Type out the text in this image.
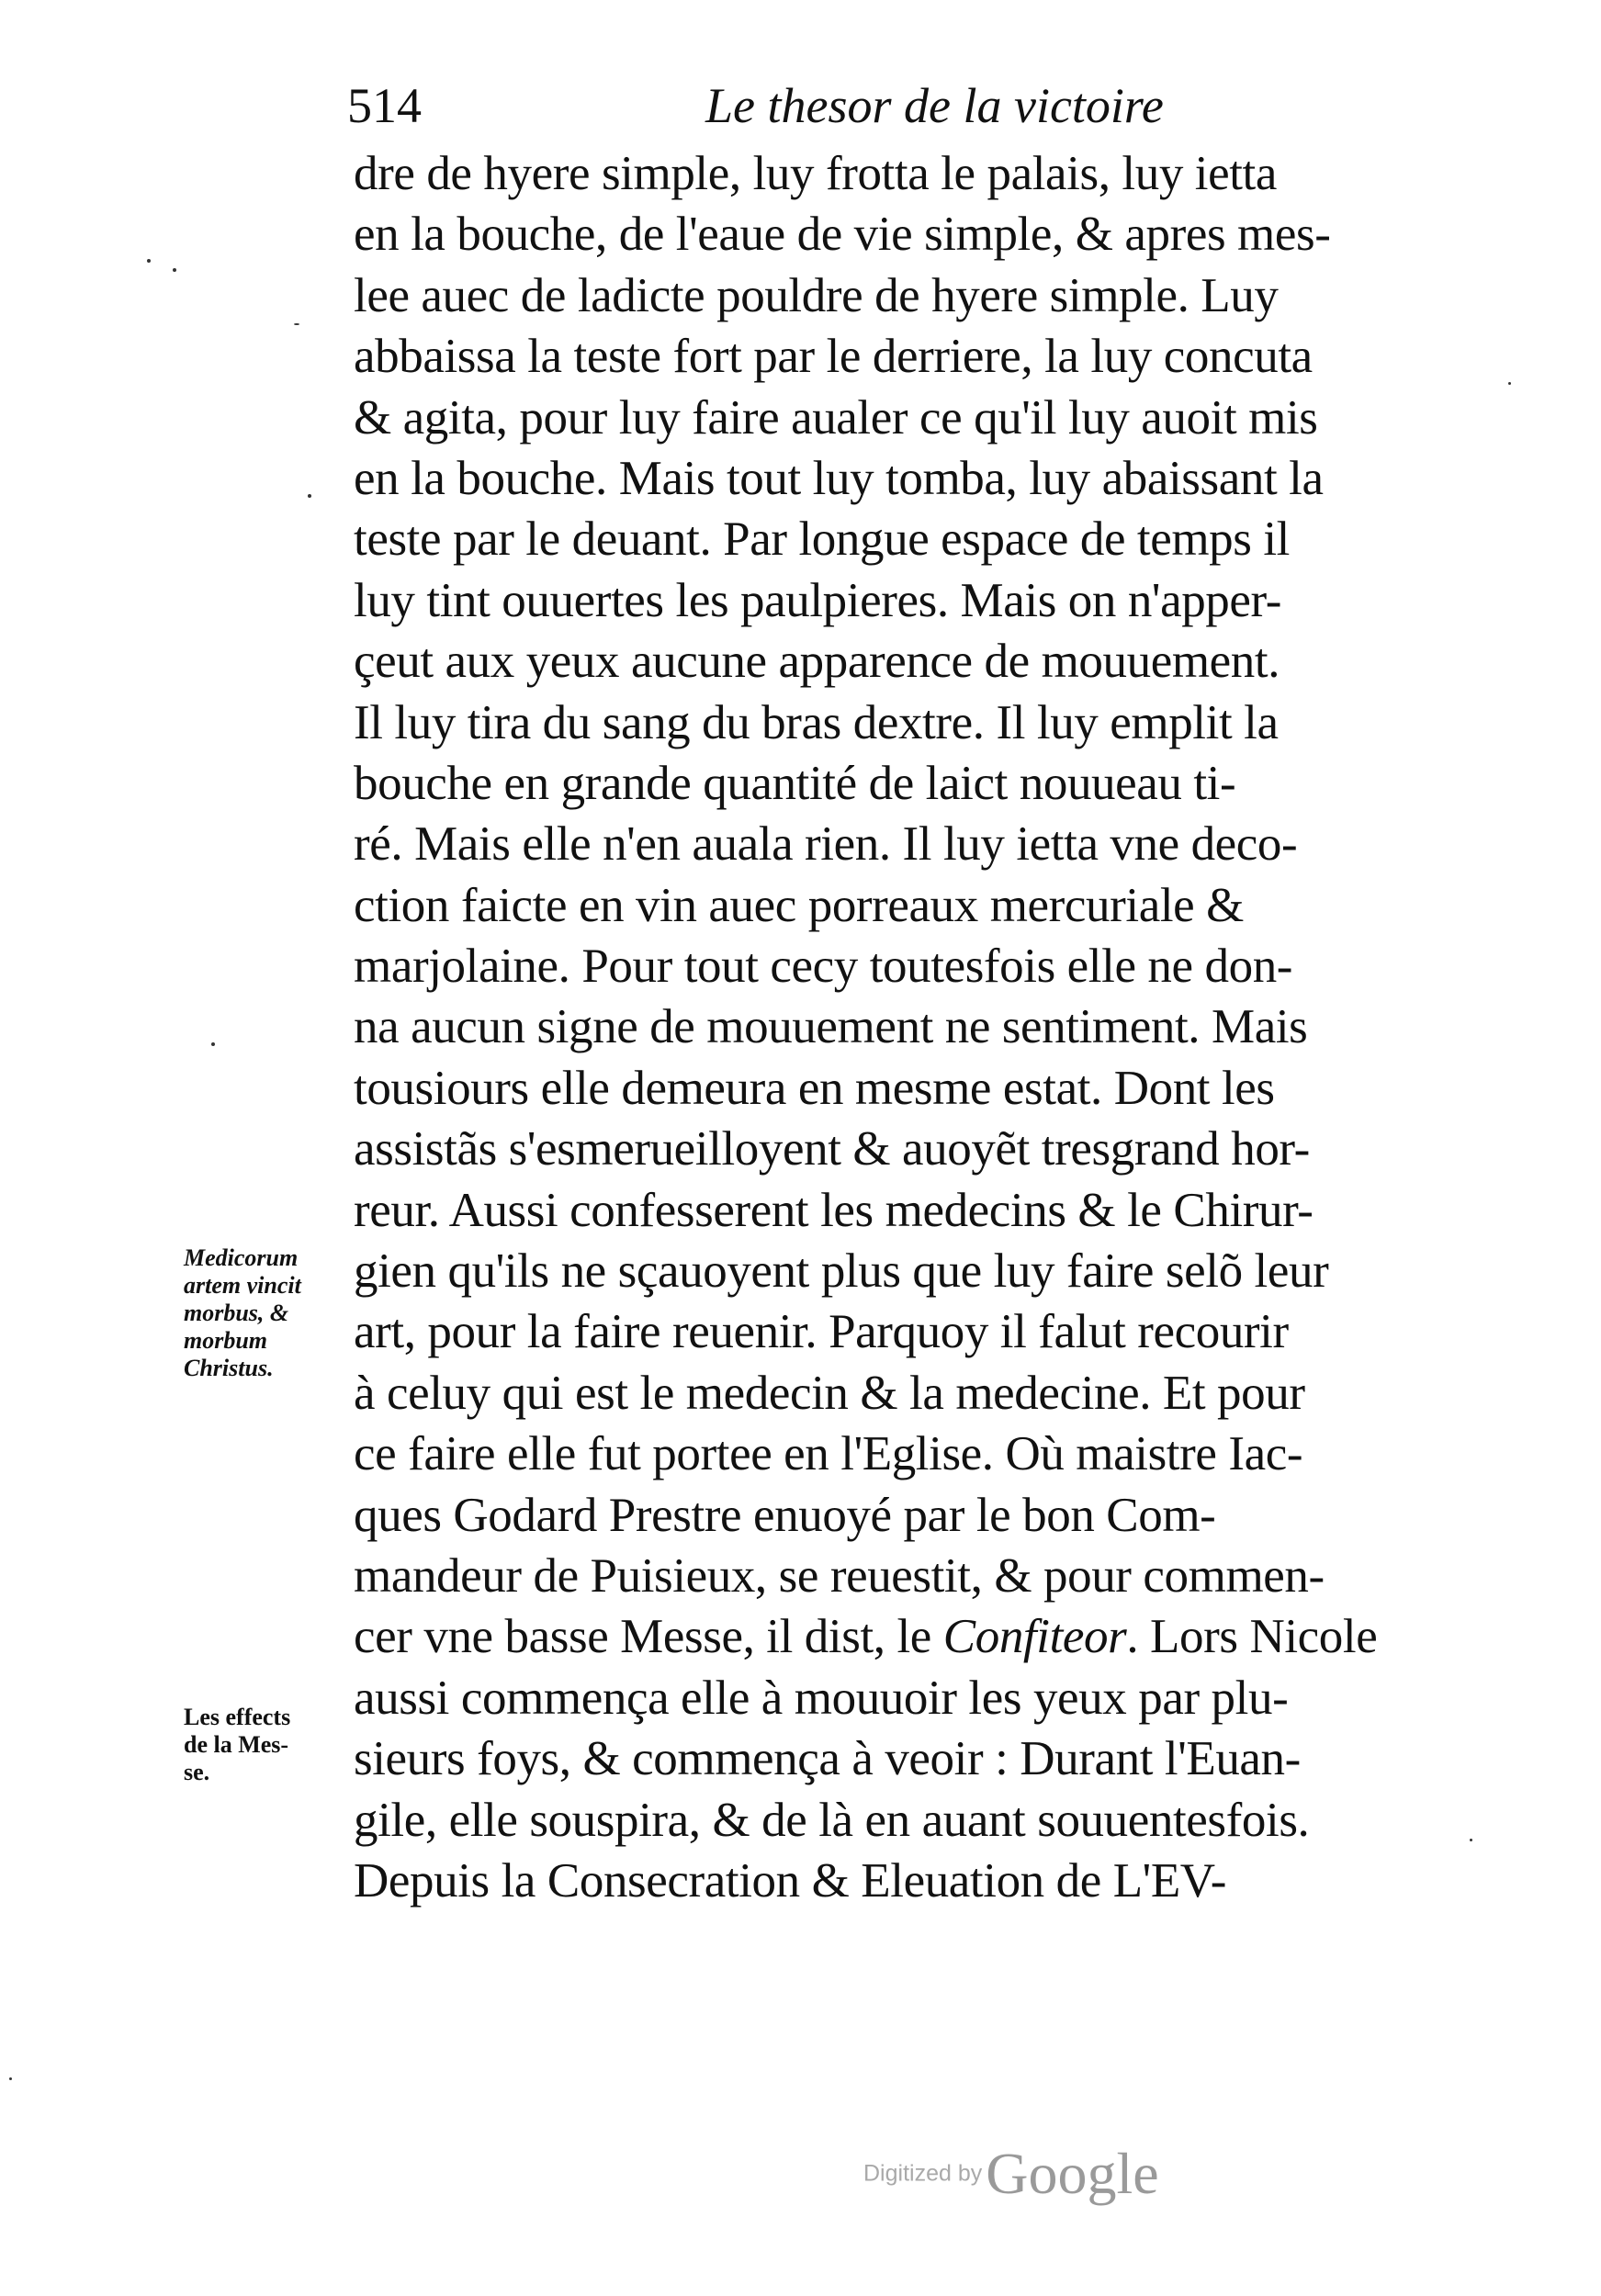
514	Le thesor de la victoire
dre de hyere simple, luy frotta le palais, luy ietta
en la bouche, de l'eaue de vie simple, & apres mes-
lee auec de ladicte pouldre de hyere simple. Luy
abbaissa la teste fort par le derriere, la luy concuta
& agita, pour luy faire aualer ce qu'il luy auoit mis
en la bouche. Mais tout luy tomba, luy abaissant la
teste par le deuant. Par longue espace de temps il
luy tint ouuertes les paulpieres. Mais on n'apper-
çeut aux yeux aucune apparence de mouuement.
Il luy tira du sang du bras dextre. Il luy emplit la
bouche en grande quantité de laict nouueau ti-
ré. Mais elle n'en auala rien. Il luy ietta vne deco-
ction faicte en vin auec porreaux mercuriale &
marjolaine. Pour tout cecy toutesfois elle ne don-
na aucun signe de mouuement ne sentiment. Mais
tousiours elle demeura en mesme estat. Dont les
assistãs s'esmerueilloyent & auoyẽt tresgrand hor-
reur. Aussi confesserent les medecins & le Chirur-
gien qu'ils ne sçauoyent plus que luy faire selõ leur
art, pour la faire reuenir. Parquoy il falut recourir
à celuy qui est le medecin & la medecine. Et pour
ce faire elle fut portee en l'Eglise. Où maistre Iac-
ques Godard Prestre enuoyé par le bon Com-
mandeur de Puisieux, se reuestit, & pour commen-
cer vne basse Messe, il dist, le Confiteor. Lors Nicole
aussi commença elle à mouuoir les yeux par plu-
sieurs foys, & commença à veoir : Durant l'Euan-
gile, elle souspira, & de là en auant souuentesfois.
Depuis la Consecration & Eleuation de L'EV-
Medicorum
artem vincit
morbus, &
morbum
Christus.
Les effects
de la Mes-
se.
Digitized by Google
